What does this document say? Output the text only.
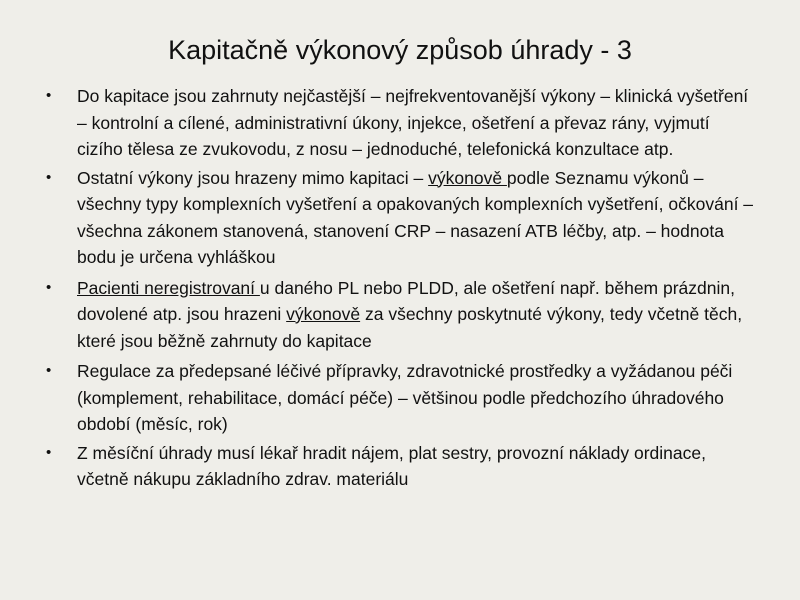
Kapitačně výkonový způsob úhrady - 3
•	Do kapitace jsou zahrnuty nejčastější – nejfrekventovanější výkony – klinická vyšetření – kontrolní a cílené, administrativní úkony, injekce, ošetření a převaz rány, vyjmutí cizího tělesa ze zvukovodu, z nosu – jednoduché, telefonická konzultace atp.
•	Ostatní výkony jsou hrazeny mimo kapitaci – výkonově podle Seznamu výkonů – všechny typy komplexních vyšetření a opakovaných komplexních vyšetření, očkování – všechna zákonem stanovená, stanovení CRP – nasazení ATB léčby, atp. – hodnota bodu je určena vyhláškou
•	Pacienti neregistrovaní u daného PL nebo PLDD, ale ošetření např. během prázdnin, dovolené atp. jsou hrazeni výkonově za všechny poskytnuté výkony, tedy včetně těch, které jsou běžně zahrnuty do kapitace
•	Regulace za předepsané léčivé přípravky, zdravotnické prostředky a vyžádanou péči (komplement, rehabilitace, domácí péče) – většinou podle předchozího úhradového období (měsíc, rok)
•	Z měsíční úhrady musí lékař hradit nájem, plat sestry, provozní náklady ordinace, včetně nákupu základního zdrav. materiálu
